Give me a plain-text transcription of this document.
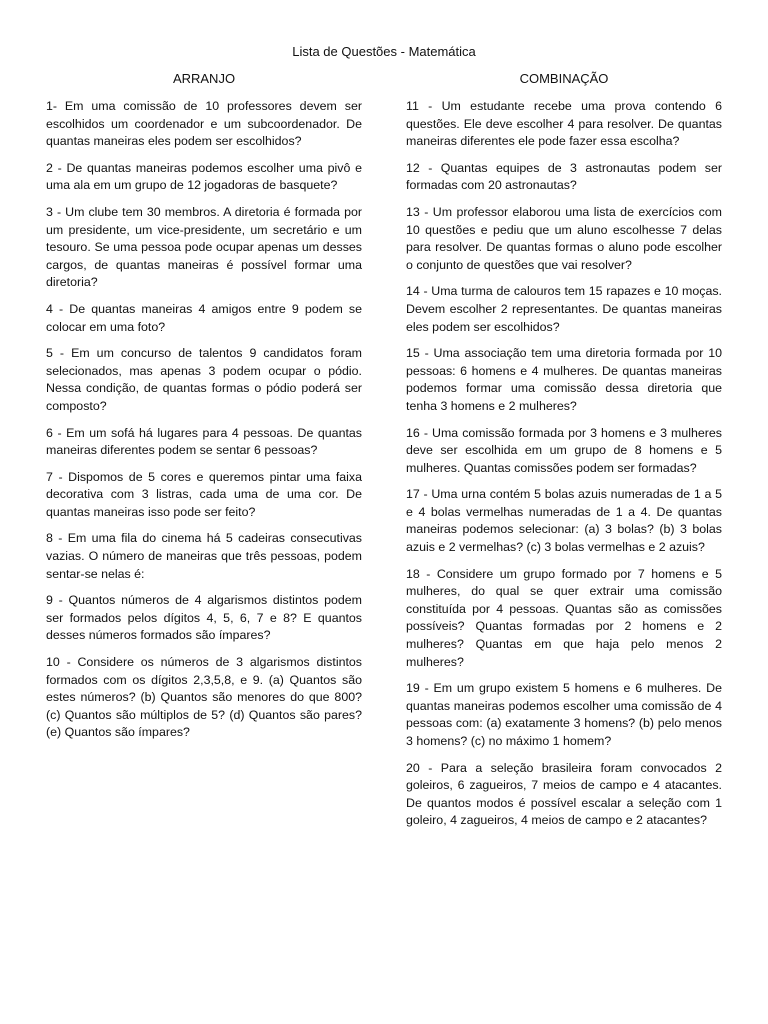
Lista de Questões - Matemática
ARRANJO

1- Em uma comissão de 10 professores devem ser escolhidos um coordenador e um subcoordenador. De quantas maneiras eles podem ser escolhidos?

2 - De quantas maneiras podemos escolher uma pivô e uma ala em um grupo de 12 jogadoras de basquete?

3 - Um clube tem 30 membros. A diretoria é formada por um presidente, um vice-presidente, um secretário e um tesouro. Se uma pessoa pode ocupar apenas um desses cargos, de quantas maneiras é possível formar uma diretoria?

4 - De quantas maneiras 4 amigos entre 9 podem se colocar em uma foto?

5 - Em um concurso de talentos 9 candidatos foram selecionados, mas apenas 3 podem ocupar o pódio. Nessa condição, de quantas formas o pódio poderá ser composto?

6 - Em um sofá há lugares para 4 pessoas. De quantas maneiras diferentes podem se sentar 6 pessoas?

7 - Dispomos de 5 cores e queremos pintar uma faixa decorativa com 3 listras, cada uma de uma cor. De quantas maneiras isso pode ser feito?

8 - Em uma fila do cinema há 5 cadeiras consecutivas vazias. O número de maneiras que três pessoas, podem sentar-se nelas é:

9 - Quantos números de 4 algarismos distintos podem ser formados pelos dígitos 4, 5, 6, 7 e 8? E quantos desses números formados são ímpares?

10 - Considere os números de 3 algarismos distintos formados com os dígitos 2,3,5,8, e 9. (a) Quantos são estes números? (b) Quantos são menores do que 800? (c) Quantos são múltiplos de 5? (d) Quantos são pares? (e) Quantos são ímpares?

COMBINAÇÃO

11 - Um estudante recebe uma prova contendo 6 questões. Ele deve escolher 4 para resolver. De quantas maneiras diferentes ele pode fazer essa escolha?

12 - Quantas equipes de 3 astronautas podem ser formadas com 20 astronautas?

13 - Um professor elaborou uma lista de exercícios com 10 questões e pediu que um aluno escolhesse 7 delas para resolver. De quantas formas o aluno pode escolher o conjunto de questões que vai resolver?

14 - Uma turma de calouros tem 15 rapazes e 10 moças. Devem escolher 2 representantes. De quantas maneiras eles podem ser escolhidos?

15 - Uma associação tem uma diretoria formada por 10 pessoas: 6 homens e 4 mulheres. De quantas maneiras podemos formar uma comissão dessa diretoria que tenha 3 homens e 2 mulheres?

16 - Uma comissão formada por 3 homens e 3 mulheres deve ser escolhida em um grupo de 8 homens e 5 mulheres. Quantas comissões podem ser formadas?

17 - Uma urna contém 5 bolas azuis numeradas de 1 a 5 e 4 bolas vermelhas numeradas de 1 a 4. De quantas maneiras podemos selecionar: (a) 3 bolas? (b) 3 bolas azuis e 2 vermelhas? (c) 3 bolas vermelhas e 2 azuis?

18 - Considere um grupo formado por 7 homens e 5 mulheres, do qual se quer extrair uma comissão constituída por 4 pessoas. Quantas são as comissões possíveis? Quantas formadas por 2 homens e 2 mulheres? Quantas em que haja pelo menos 2 mulheres?

19 - Em um grupo existem 5 homens e 6 mulheres. De quantas maneiras podemos escolher uma comissão de 4 pessoas com: (a) exatamente 3 homens? (b) pelo menos 3 homens? (c) no máximo 1 homem?

20 - Para a seleção brasileira foram convocados 2 goleiros, 6 zagueiros, 7 meios de campo e 4 atacantes. De quantos modos é possível escalar a seleção com 1 goleiro, 4 zagueiros, 4 meios de campo e 2 atacantes?
